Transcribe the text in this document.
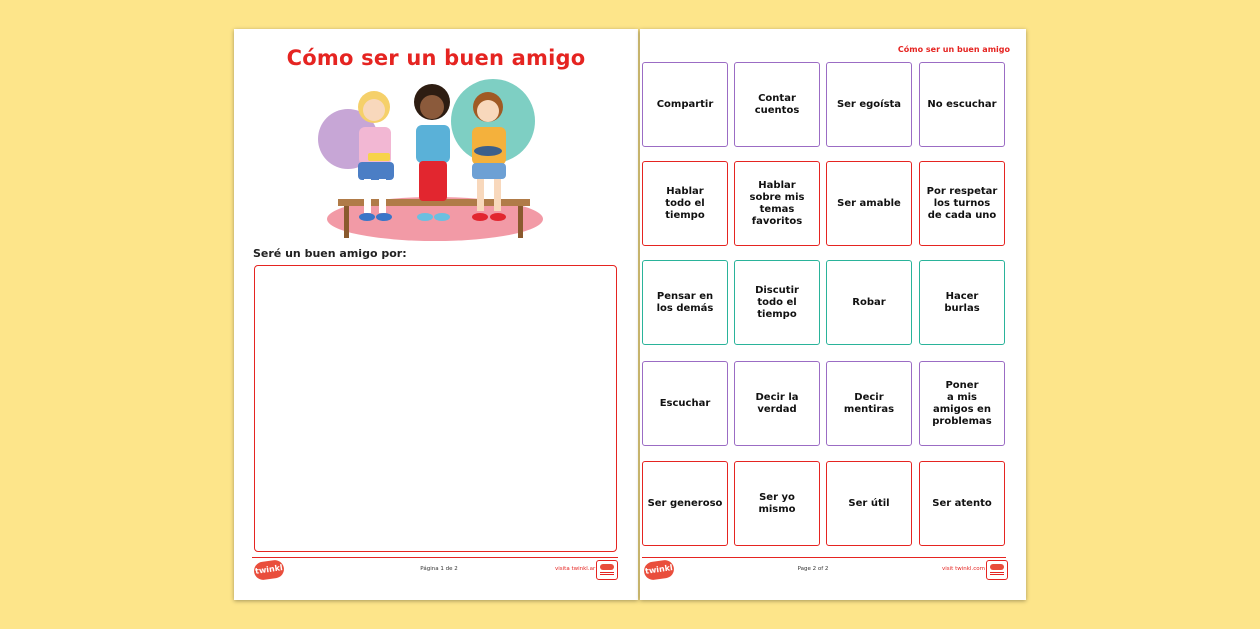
Cómo ser un buen amigo
Seré un buen amigo por:
twinkl	Página 1 de 2	visita twinkl.ar
Cómo ser un buen amigo
Compartir
Contar
cuentos
Ser egoísta	No escuchar
Hablar
todo el
tiempo
Hablar
sobre mis
temas
favoritos
Ser amable
Por respetar
los turnos
de cada uno
Pensar en
los demás
Discutir
todo el
tiempo
Robar
Hacer
burlas
Escuchar
Decir la verdad
Decir
mentiras
Poner
a mis
amigos en
problemas
Ser generoso
Ser yo
mismo
Ser útil	Ser atento
twinkl	Page 2 of 2	visit twinkl.com
